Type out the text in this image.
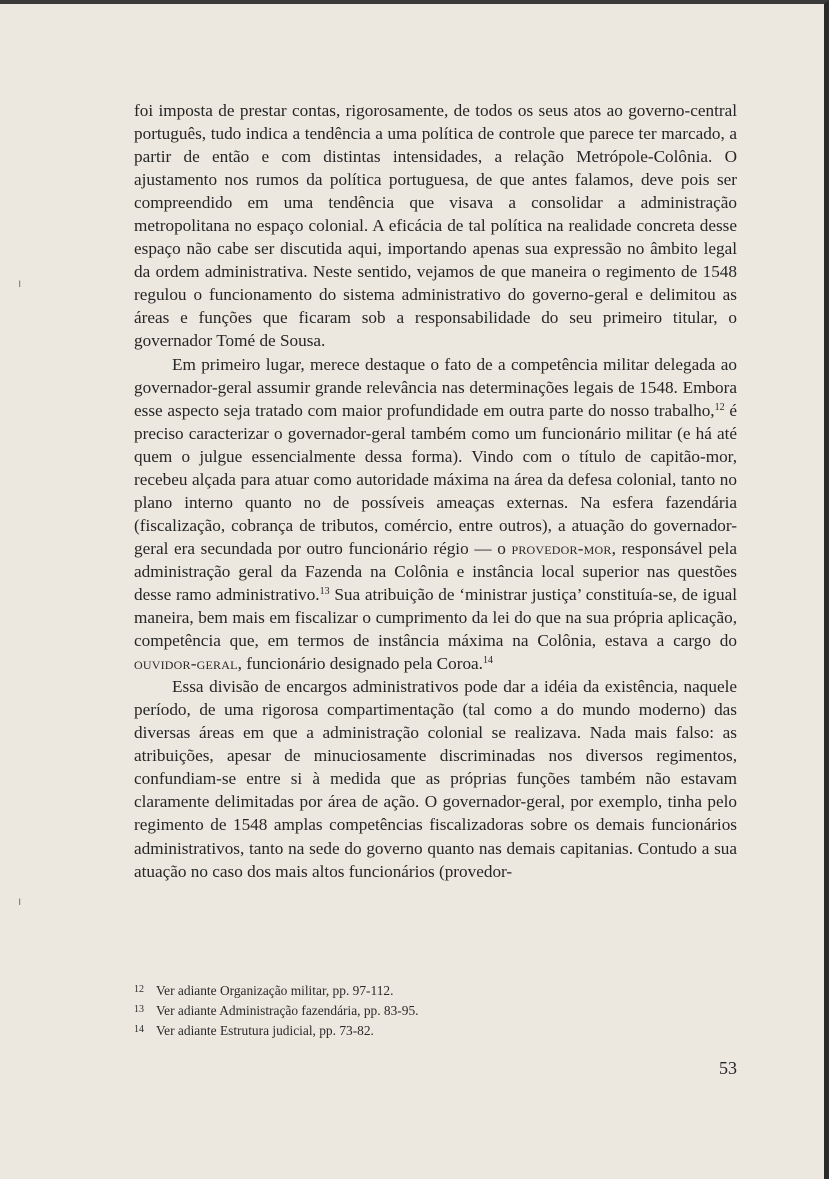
foi imposta de prestar contas, rigorosamente, de todos os seus atos ao governo-central português, tudo indica a tendência a uma política de controle que parece ter marcado, a partir de então e com distintas intensidades, a relação Metrópole-Colônia. O ajustamento nos rumos da política portuguesa, de que antes falamos, deve pois ser compreendido em uma tendência que visava a consolidar a administração metropolitana no espaço colonial. A eficácia de tal política na realidade concreta desse espaço não cabe ser discutida aqui, importando apenas sua expressão no âmbito legal da ordem administrativa. Neste sentido, vejamos de que maneira o regimento de 1548 regulou o funcionamento do sistema administrativo do governo-geral e delimitou as áreas e funções que ficaram sob a responsabilidade do seu primeiro titular, o governador Tomé de Sousa.

Em primeiro lugar, merece destaque o fato de a competência militar delegada ao governador-geral assumir grande relevância nas determinações legais de 1548. Embora esse aspecto seja tratado com maior profundidade em outra parte do nosso trabalho,$^{12}$ é preciso caracterizar o governador-geral também como um funcionário militar (e há até quem o julgue essencialmente dessa forma). Vindo com o título de capitão-mor, recebeu alçada para atuar como autoridade máxima na área da defesa colonial, tanto no plano interno quanto no de possíveis ameaças externas. Na esfera fazendária (fiscalização, cobrança de tributos, comércio, entre outros), a atuação do governador-geral era secundada por outro funcionário régio — o provedor-mor, responsável pela administração geral da Fazenda na Colônia e instância local superior nas questões desse ramo administrativo.$^{13}$ Sua atribuição de ‘ministrar justiça’ constituía-se, de igual maneira, bem mais em fiscalizar o cumprimento da lei do que na sua própria aplicação, competência que, em termos de instância máxima na Colônia, estava a cargo do ouvidor-geral, funcionário designado pela Coroa.$^{14}$

Essa divisão de encargos administrativos pode dar a idéia da existência, naquele período, de uma rigorosa compartimentação (tal como a do mundo moderno) das diversas áreas em que a administração colonial se realizava. Nada mais falso: as atribuições, apesar de minuciosamente discriminadas nos diversos regimentos, confundiam-se entre si à medida que as próprias funções também não estavam claramente delimitadas por área de ação. O governador-geral, por exemplo, tinha pelo regimento de 1548 amplas competências fiscalizadoras sobre os demais funcionários administrativos, tanto na sede do governo quanto nas demais capitanias. Contudo a sua atuação no caso dos mais altos funcionários (provedor-

12 Ver adiante Organização militar, pp. 97-112.
13 Ver adiante Administração fazendária, pp. 83-95.
14 Ver adiante Estrutura judicial, pp. 73-82.
53
ı
ı
